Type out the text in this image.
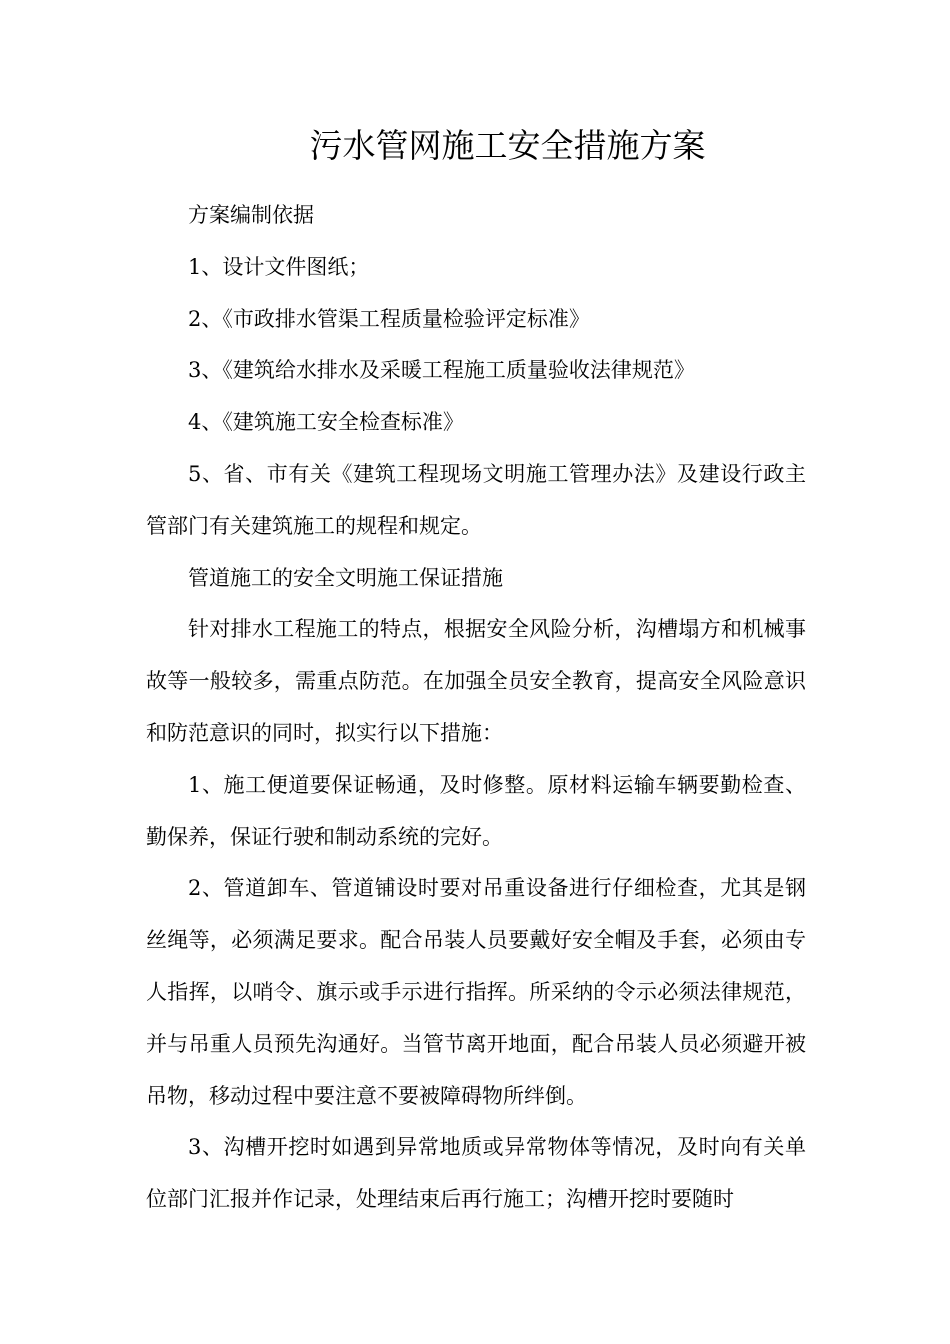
污水管网施工安全措施方案

方案编制依据

1、设计文件图纸；

2、《市政排水管渠工程质量检验评定标准》

3、《建筑给水排水及采暖工程施工质量验收法律规范》

4、《建筑施工安全检查标准》

5、省、市有关《建筑工程现场文明施工管理办法》及建设行政主管部门有关建筑施工的规程和规定。

管道施工的安全文明施工保证措施

针对排水工程施工的特点，根据安全风险分析，沟槽塌方和机械事故等一般较多，需重点防范。在加强全员安全教育，提高安全风险意识和防范意识的同时，拟实行以下措施：

1、施工便道要保证畅通，及时修整。原材料运输车辆要勤检查、勤保养，保证行驶和制动系统的完好。

2、管道卸车、管道铺设时要对吊重设备进行仔细检查，尤其是钢丝绳等，必须满足要求。配合吊装人员要戴好安全帽及手套，必须由专人指挥，以哨令、旗示或手示进行指挥。所采纳的令示必须法律规范，并与吊重人员预先沟通好。当管节离开地面，配合吊装人员必须避开被吊物，移动过程中要注意不要被障碍物所绊倒。

3、沟槽开挖时如遇到异常地质或异常物体等情况，及时向有关单位部门汇报并作记录，处理结束后再行施工；沟槽开挖时要随时
